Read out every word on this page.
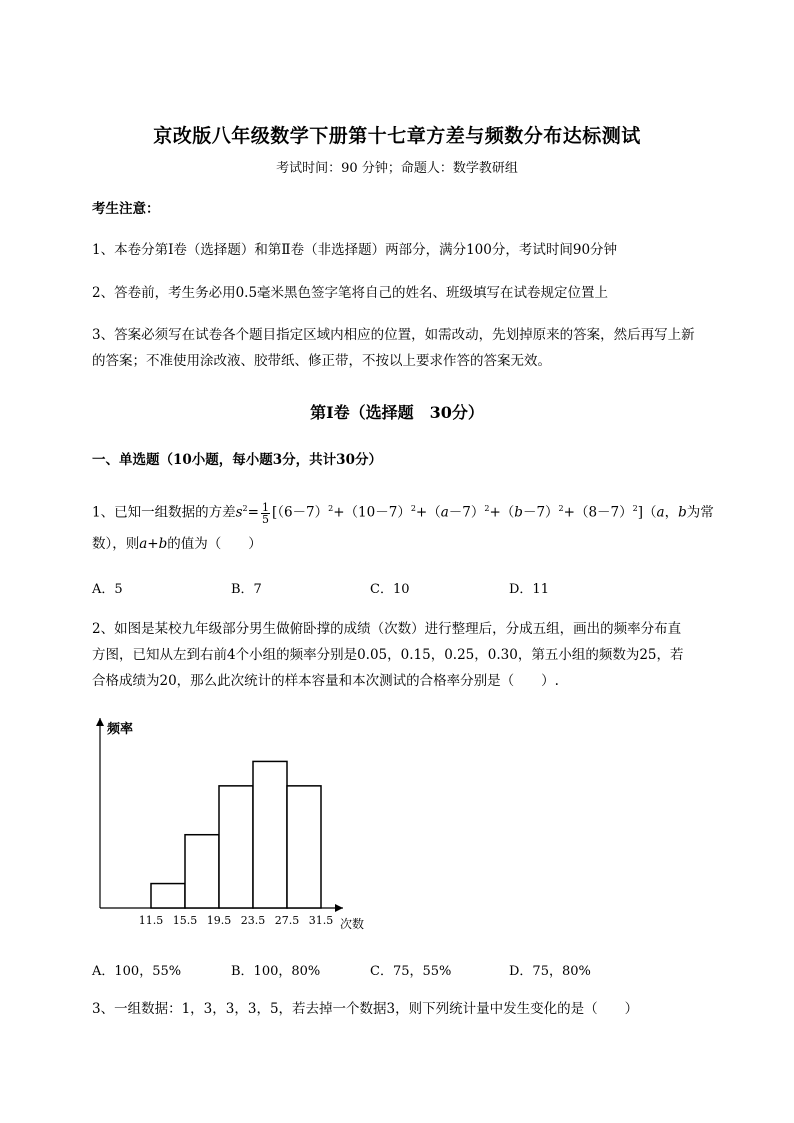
京改版八年级数学下册第十七章方差与频数分布达标测试
考试时间：90 分钟；命题人：数学教研组
考生注意：
1、本卷分第I卷（选择题）和第Ⅱ卷（非选择题）两部分，满分100分，考试时间90分钟
2、答卷前，考生务必用0.5毫米黑色签字笔将自己的姓名、班级填写在试卷规定位置上
3、答案必须写在试卷各个题目指定区域内相应的位置，如需改动，先划掉原来的答案，然后再写上新
的答案；不准使用涂改液、胶带纸、修正带，不按以上要求作答的答案无效。
第I卷（选择题　30分）
一、单选题（10小题，每小题3分，共计30分）
1、已知一组数据的方差$s^2= \frac{1}{5} [(6-7)^2+(10-7)^2+(a-7)^2+(b-7)^2+(8-7)^2](a$，b为常
数），则a+b的值为（　　）
A．5	B．7	C．10	D．11
2、如图是某校九年级部分男生做俯卧撑的成绩（次数）进行整理后，分成五组，画出的频率分布直
方图，已知从左到右前4个小组的频率分别是0.05，0.15，0.25，0.30，第五小组的频数为25，若
合格成绩为20，那么此次统计的样本容量和本次测试的合格率分别是（　　）.
频率
11.5 15.5 19.5 23.5 27.5 31.5 次数
A．100，55%	B．100，80%	C．75，55%	D．75，80%
3、一组数据：1，3，3，3，5，若去掉一个数据3，则下列统计量中发生变化的是（　　）
